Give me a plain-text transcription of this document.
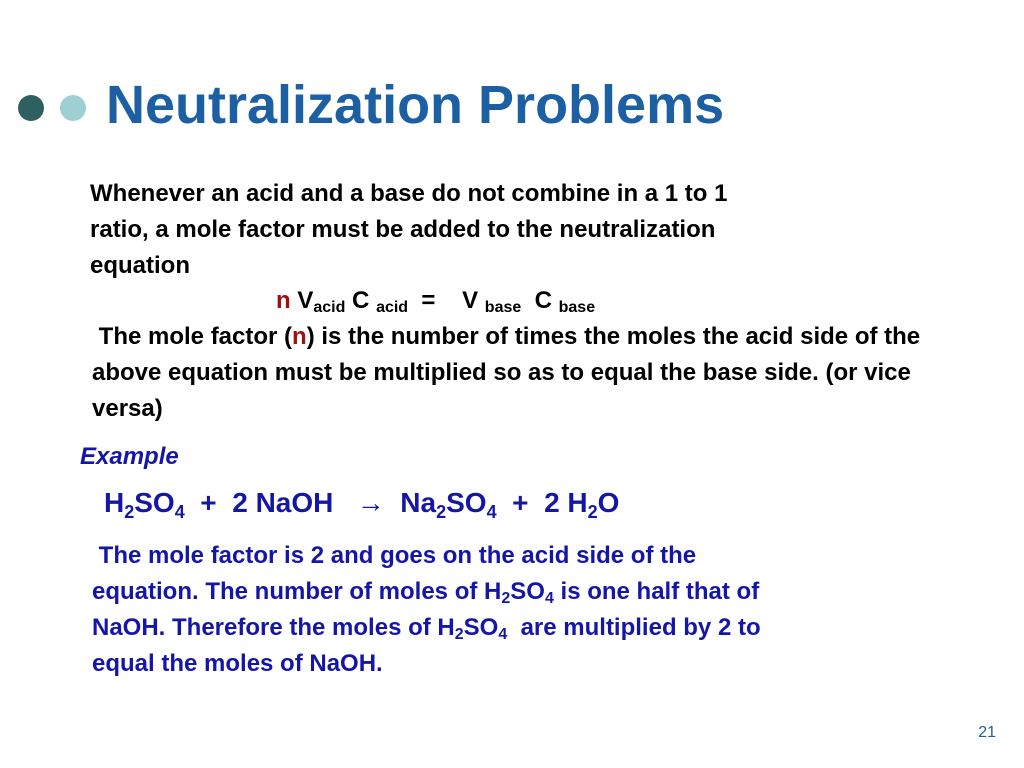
Neutralization Problems
Whenever an acid and a base do not combine in a 1 to 1
ratio, a mole factor must be added to the neutralization
equation
n $V_{acid}$ C $_{acid}$ = V $_{base}$ C $_{base}$
The mole factor (n) is the number of times the moles the acid side of the above equation must be multiplied so as to equal the base side. (or vice versa)
Example
$H_2SO_4 + 2$ NaOH → $Na_2SO_4 + 2$ $H_2O$
The mole factor is 2 and goes on the acid side of the
equation. The number of moles of $H_2SO_4$ is one half that of
NaOH. Therefore the moles of $H_2SO_4$  are multiplied by 2 to
equal the moles of NaOH.
21
